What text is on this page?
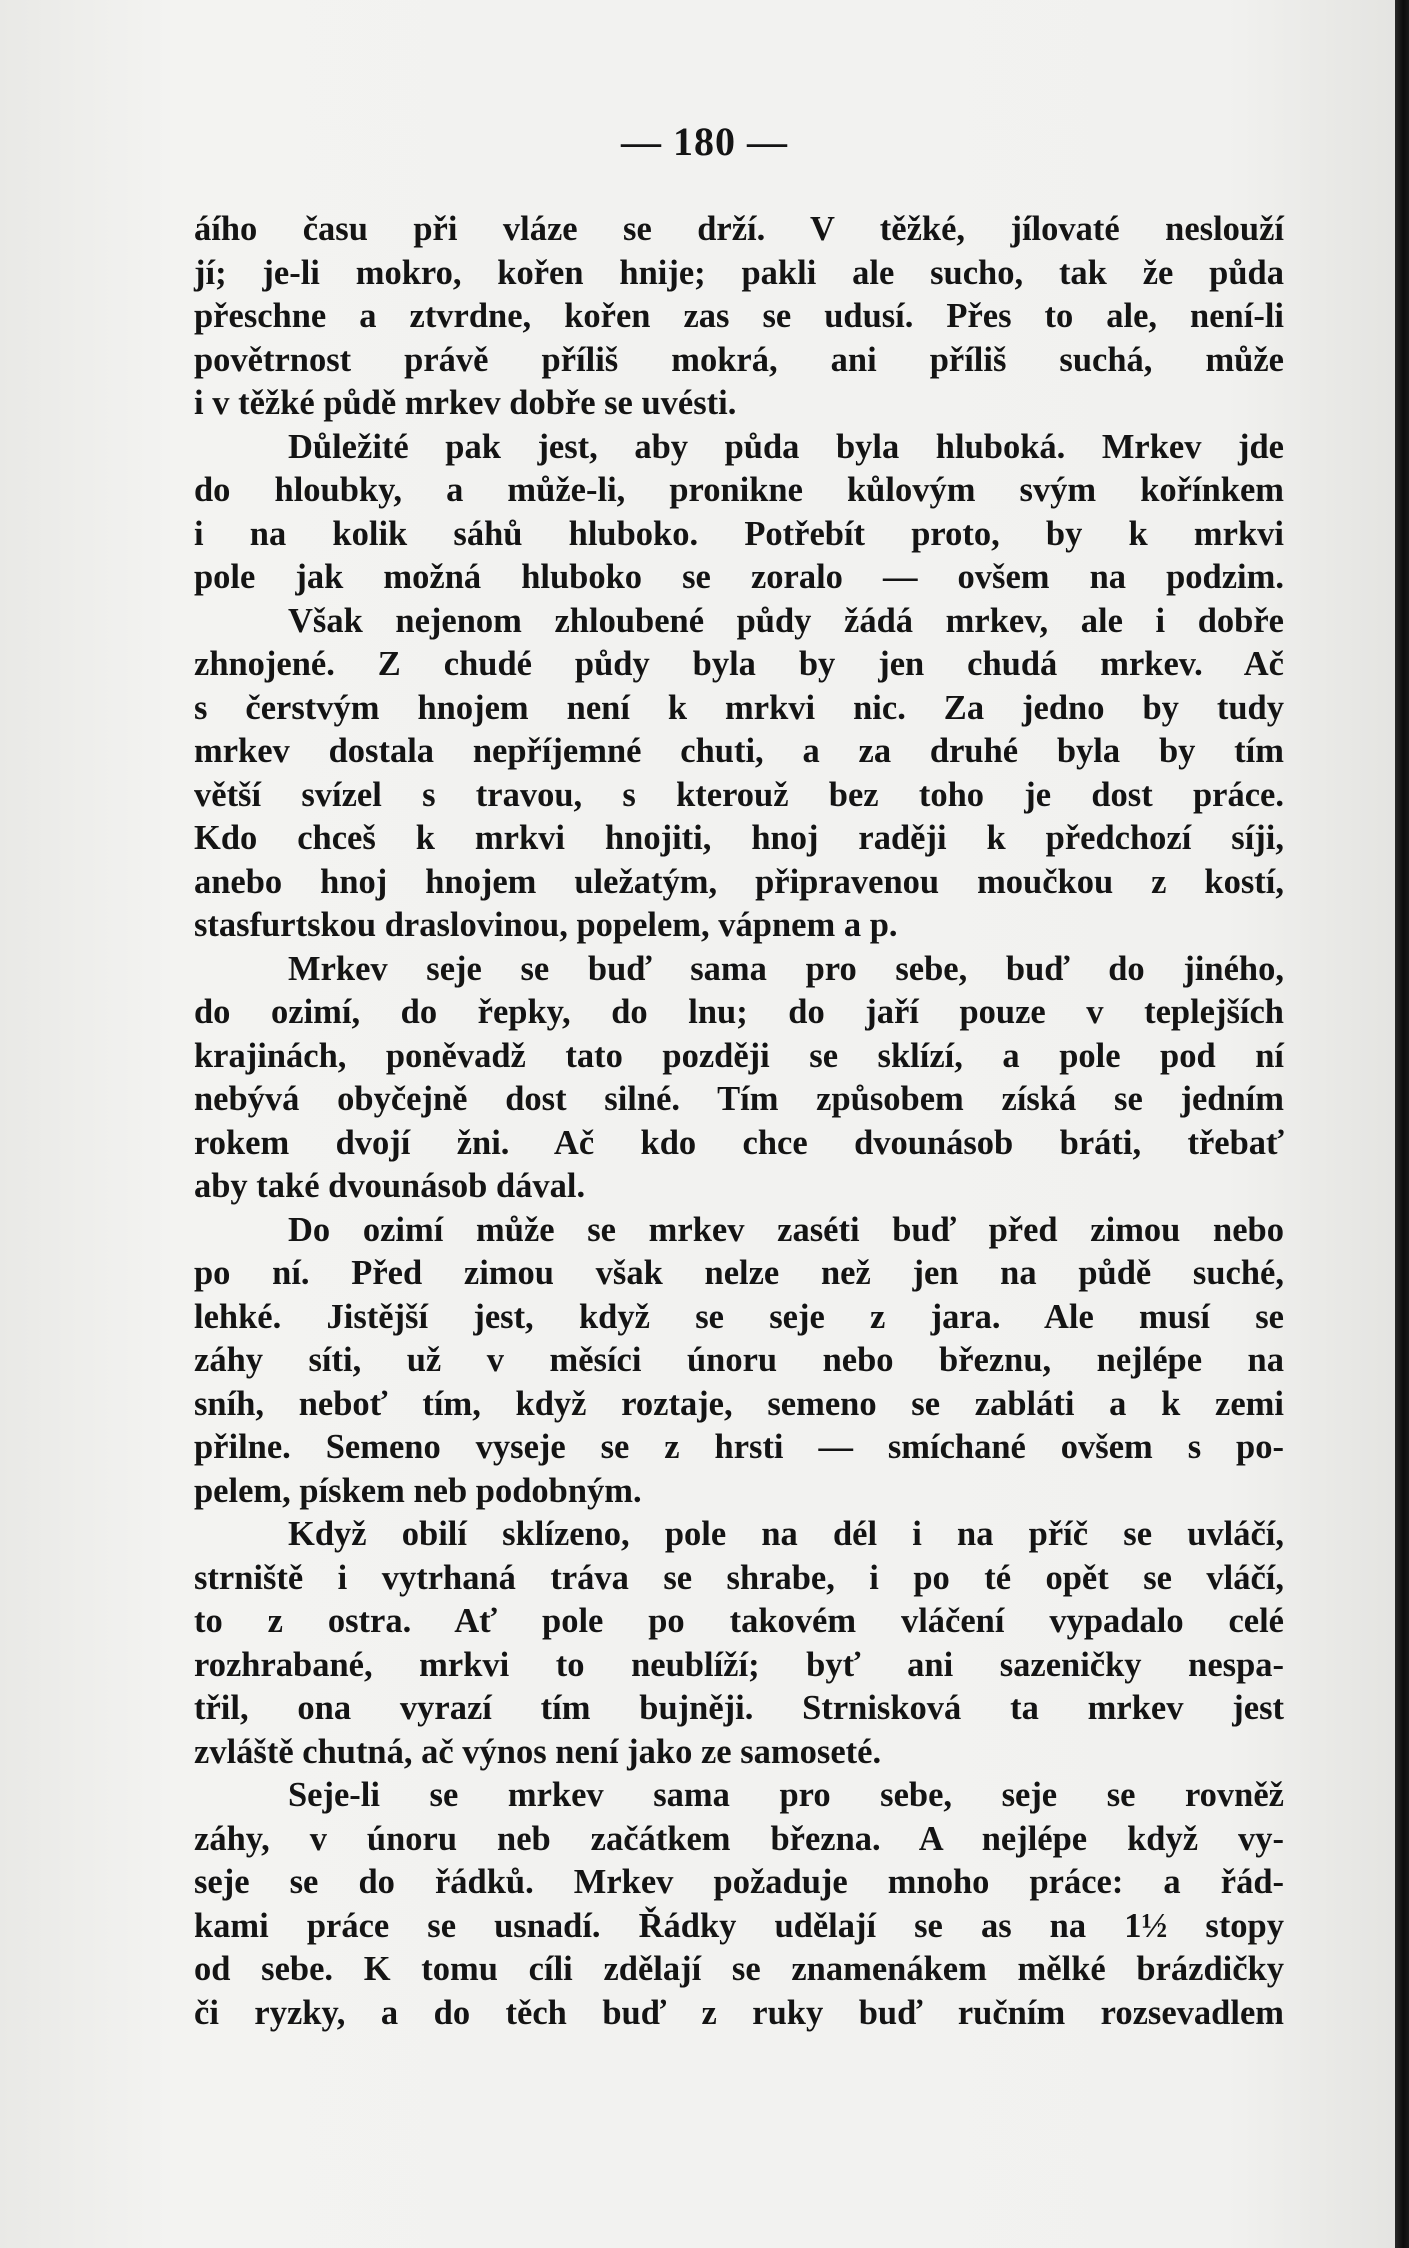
— 180 —
áího času při vláze se drží. V těžké, jílovaté neslouží
jí; je-li mokro, kořen hnije; pakli ale sucho, tak že půda
přeschne a ztvrdne, kořen zas se udusí. Přes to ale, není-li
povětrnost právě příliš mokrá, ani příliš suchá, může
i v těžké půdě mrkev dobře se uvésti.
Důležité pak jest, aby půda byla hluboká. Mrkev jde
do hloubky, a může-li, pronikne kůlovým svým kořínkem
i na kolik sáhů hluboko. Potřebít proto, by k mrkvi
pole jak možná hluboko se zoralo — ovšem na podzim.
Však nejenom zhloubené půdy žádá mrkev, ale i dobře
zhnojené. Z chudé půdy byla by jen chudá mrkev. Ač
s čerstvým hnojem není k mrkvi nic. Za jedno by tudy
mrkev dostala nepříjemné chuti, a za druhé byla by tím
větší svízel s travou, s kterouž bez toho je dost práce.
Kdo chceš k mrkvi hnojiti, hnoj raději k předchozí síji,
anebo hnoj hnojem uležatým, připravenou moučkou z kostí,
stasfurtskou draslovinou, popelem, vápnem a p.
Mrkev seje se buď sama pro sebe, buď do jiného,
do ozimí, do řepky, do lnu; do jaří pouze v teplejších
krajinách, poněvadž tato později se sklízí, a pole pod ní
nebývá obyčejně dost silné. Tím způsobem získá se jedním
rokem dvojí žni. Ač kdo chce dvounásob bráti, třebať
aby také dvounásob dával.
Do ozimí může se mrkev zaséti buď před zimou nebo
po ní. Před zimou však nelze než jen na půdě suché,
lehké. Jistější jest, když se seje z jara. Ale musí se
záhy síti, už v měsíci únoru nebo březnu, nejlépe na
sníh, neboť tím, když roztaje, semeno se zabláti a k zemi
přilne. Semeno vyseje se z hrsti — smíchané ovšem s po-
pelem, pískem neb podobným.
Když obilí sklízeno, pole na dél i na příč se uvláčí,
strniště i vytrhaná tráva se shrabe, i po té opět se vláčí,
to z ostra. Ať pole po takovém vláčení vypadalo celé
rozhrabané, mrkvi to neublíží; byť ani sazeničky nespa-
třil, ona vyrazí tím bujněji. Strnisková ta mrkev jest
zvláště chutná, ač výnos není jako ze samoseté.
Seje-li se mrkev sama pro sebe, seje se rovněž
záhy, v únoru neb začátkem března. A nejlépe když vy-
seje se do řádků. Mrkev požaduje mnoho práce: a řád-
kami práce se usnadí. Řádky udělají se as na 1½ stopy
od sebe. K tomu cíli zdělají se znamenákem mělké brázdičky
či ryzky, a do těch buď z ruky buď ručním rozsevadlem
